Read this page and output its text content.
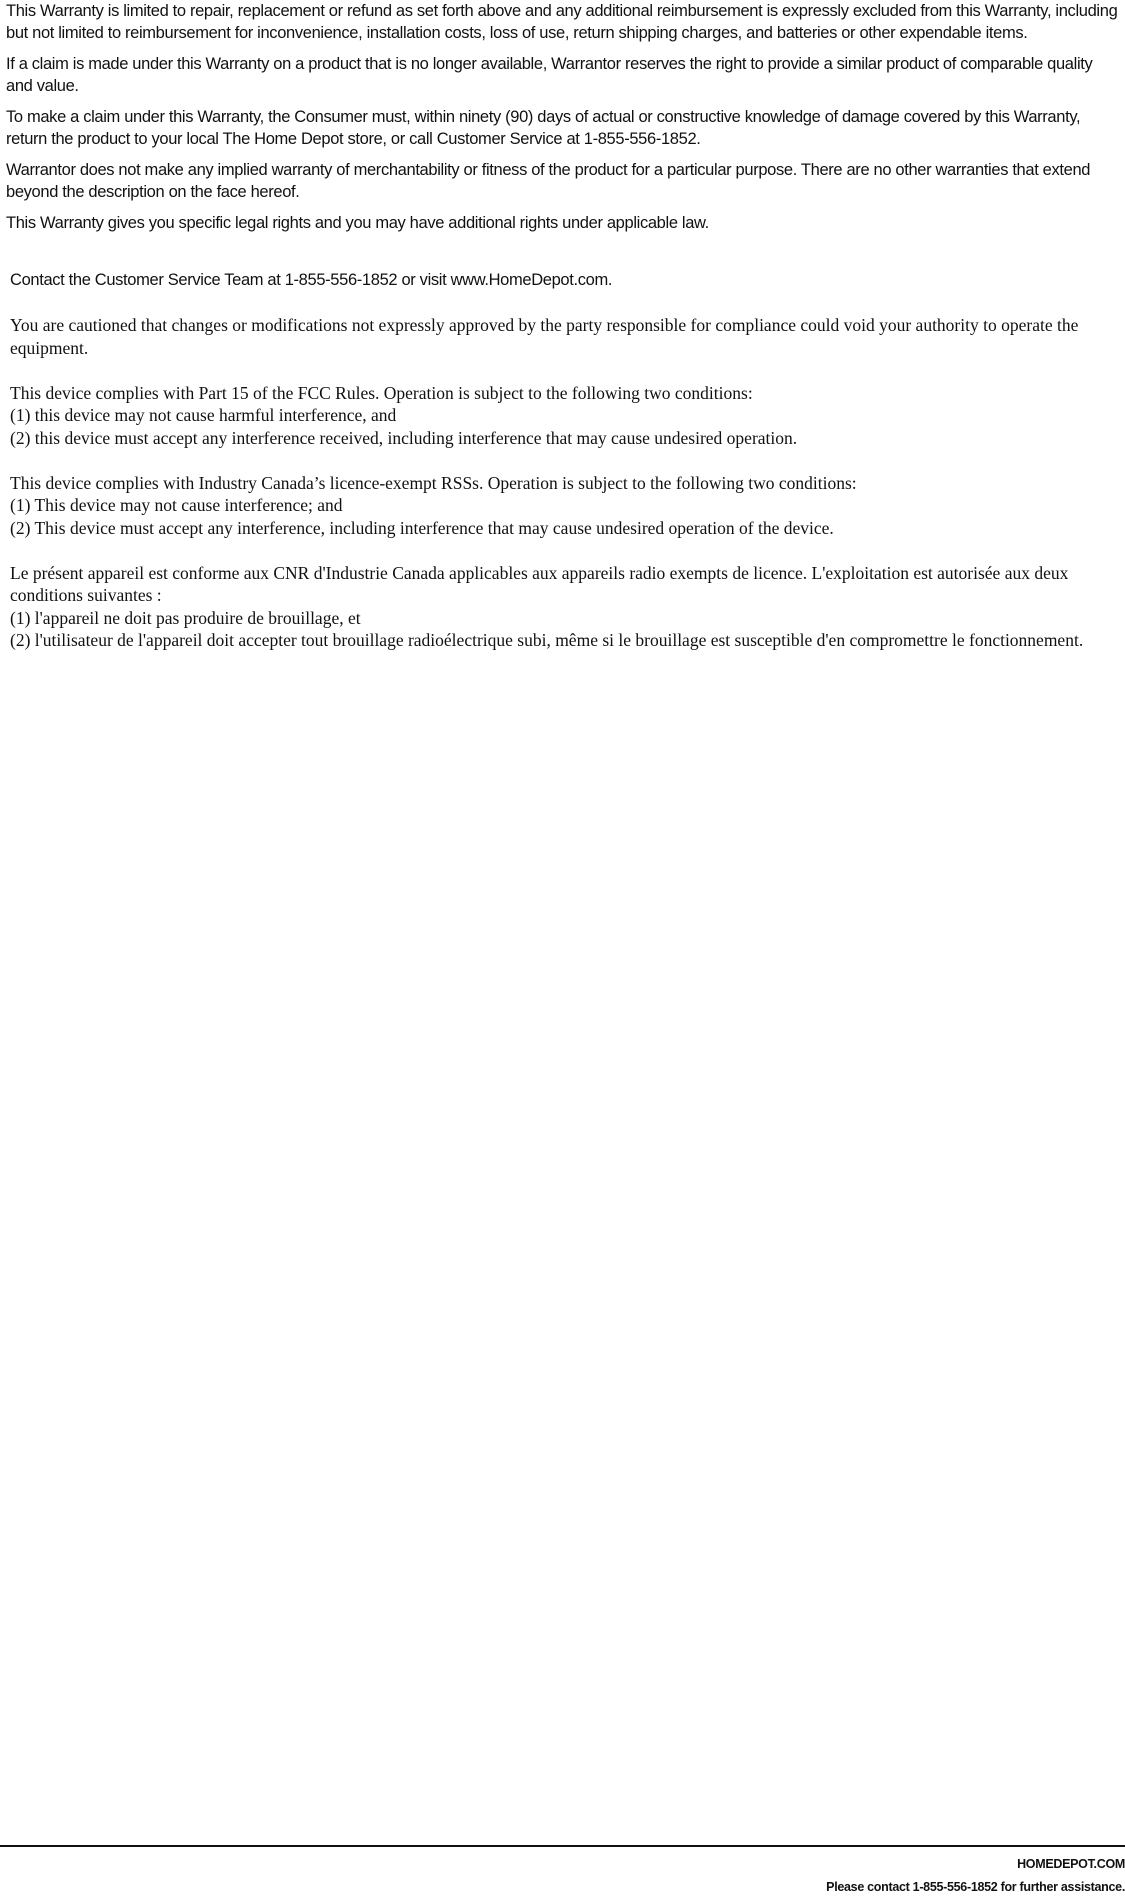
This Warranty is limited to repair, replacement or refund as set forth above and any additional reimbursement is expressly excluded from this Warranty, including but not limited to reimbursement for inconvenience, installation costs, loss of use, return shipping charges, and batteries or other expendable items.

If a claim is made under this Warranty on a product that is no longer available, Warrantor reserves the right to provide a similar product of comparable quality and value.

To make a claim under this Warranty, the Consumer must, within ninety (90) days of actual or constructive knowledge of damage covered by this Warranty, return the product to your local The Home Depot store, or call Customer Service at 1-855-556-1852.

Warrantor does not make any implied warranty of merchantability or fitness of the product for a particular purpose. There are no other warranties that extend beyond the description on the face hereof.

This Warranty gives you specific legal rights and you may have additional rights under applicable law.

Contact the Customer Service Team at 1-855-556-1852 or visit www.HomeDepot.com.

You are cautioned that changes or modifications not expressly approved by the party responsible for compliance could void your authority to operate the equipment.

This device complies with Part 15 of the FCC Rules. Operation is subject to the following two conditions:
(1) this device may not cause harmful interference, and
(2) this device must accept any interference received, including interference that may cause undesired operation.

This device complies with Industry Canada’s licence-exempt RSSs. Operation is subject to the following two conditions:
(1) This device may not cause interference; and
(2) This device must accept any interference, including interference that may cause undesired operation of the device.

Le présent appareil est conforme aux CNR d'Industrie Canada applicables aux appareils radio exempts de licence. L'exploitation est autorisée aux deux conditions suivantes :
(1) l'appareil ne doit pas produire de brouillage, et
(2) l'utilisateur de l'appareil doit accepter tout brouillage radioélectrique subi, même si le brouillage est susceptible d'en compromettre le fonctionnement.

HOMEDEPOT.COM

Please contact 1-855-556-1852 for further assistance.
